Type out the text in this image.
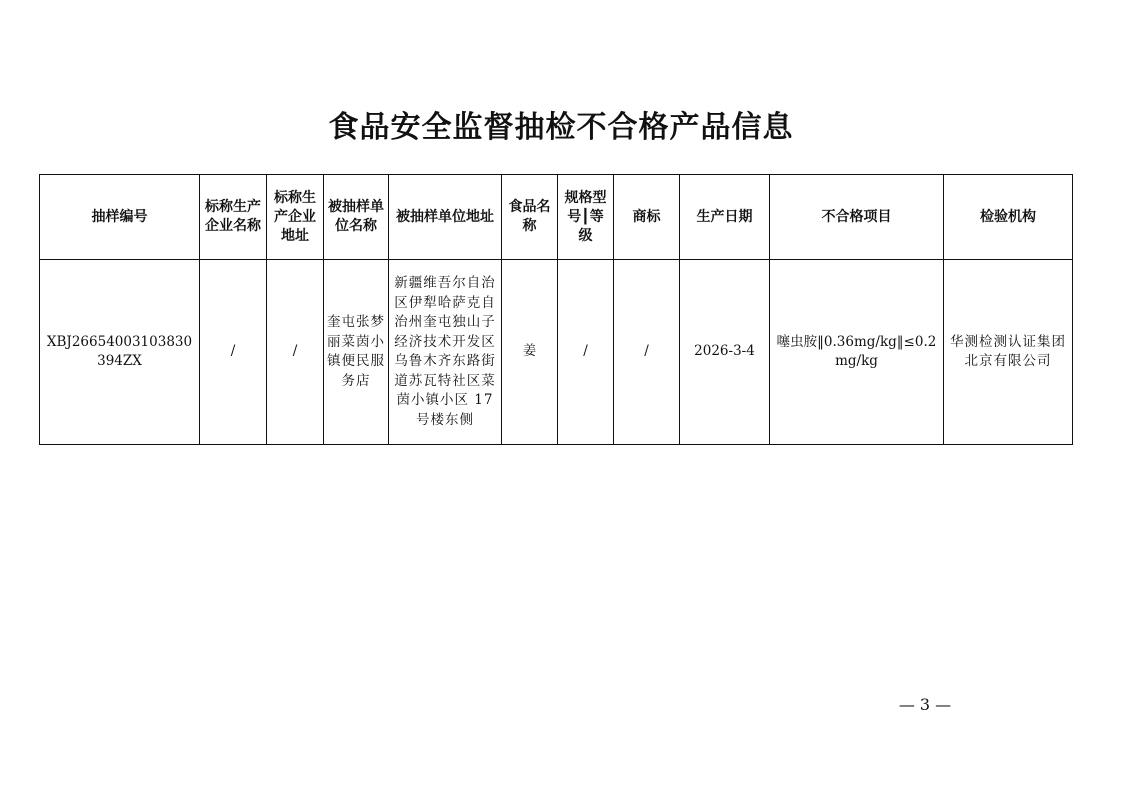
食品安全监督抽检不合格产品信息
抽样编号	标称生产企业名称	标称生产企业地址	被抽样单位名称	被抽样单位地址	食品名称	规格型号┃等级	商标	生产日期	不合格项目	检验机构
XBJ26654003103830394ZX	/	/	奎屯张梦丽菜茵小镇便民服务店	新疆维吾尔自治区伊犁哈萨克自治州奎屯独山子经济技术开发区乌鲁木齐东路街道苏瓦特社区菜茵小镇小区 17 号楼东侧	姜	/	/	2026-3-4	噻虫胺‖0.36mg/kg‖≤0.2mg/kg	华测检测认证集团北京有限公司
— 3 —
